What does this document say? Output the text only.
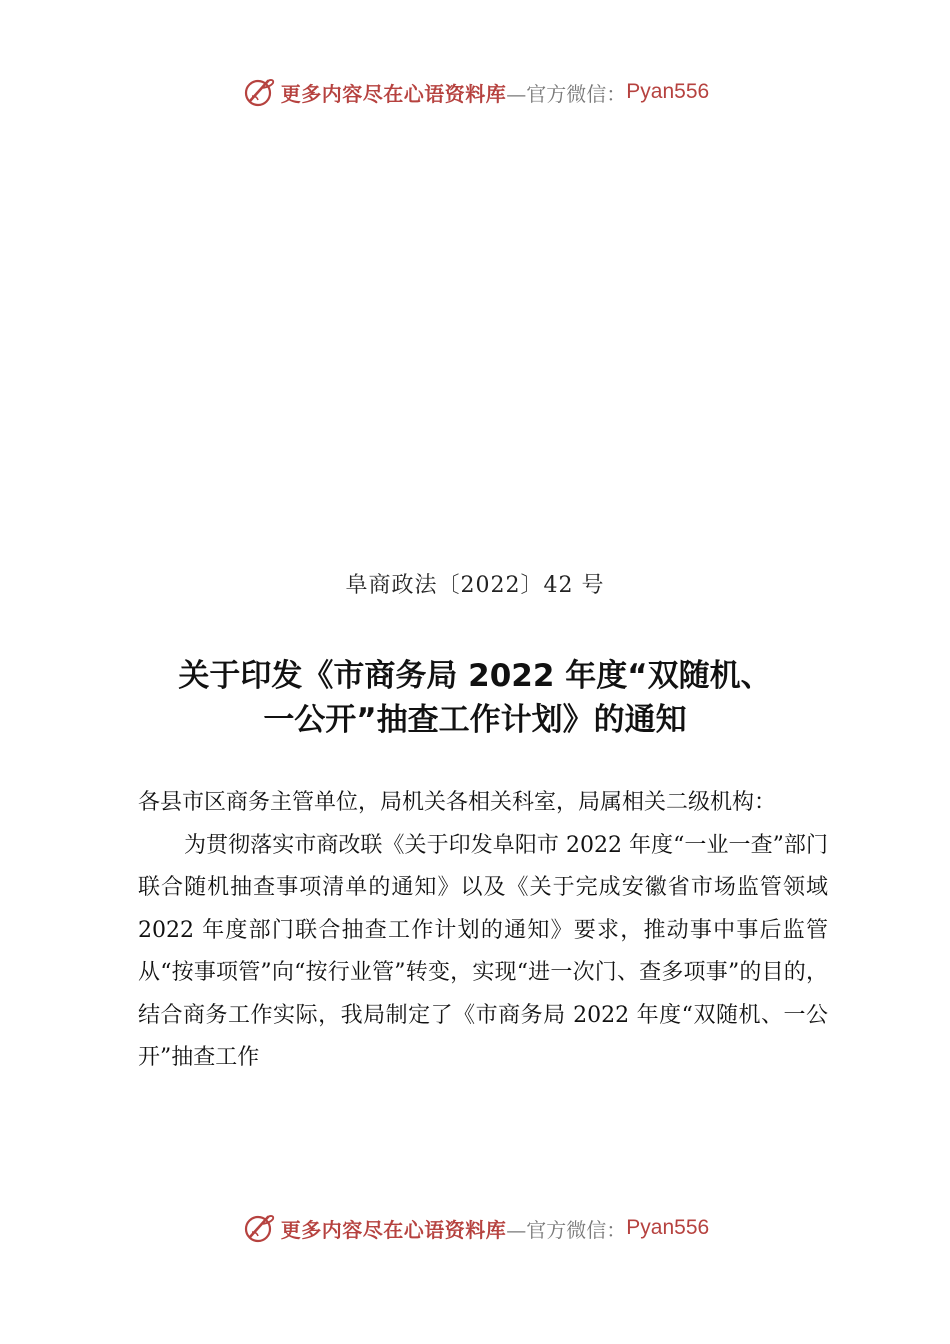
更多内容尽在心语资料库 —官方微信： Pyan556
阜商政法〔2022〕42 号
关于印发《市商务局 2022 年度“双随机、
一公开”抽查工作计划》的通知

各县市区商务主管单位，局机关各相关科室，局属相关二级机构：

为贯彻落实市商改联《关于印发阜阳市 2022 年度“一业一查”部门联合随机抽查事项清单的通知》以及《关于完成安徽省市场监管领域 2022 年度部门联合抽查工作计划的通知》要求，推动事中事后监管从“按事项管”向“按行业管”转变，实现“进一次门、查多项事”的目的，结合商务工作实际，我局制定了《市商务局 2022 年度“双随机、一公开”抽查工作

更多内容尽在心语资料库 —官方微信： Pyan556
